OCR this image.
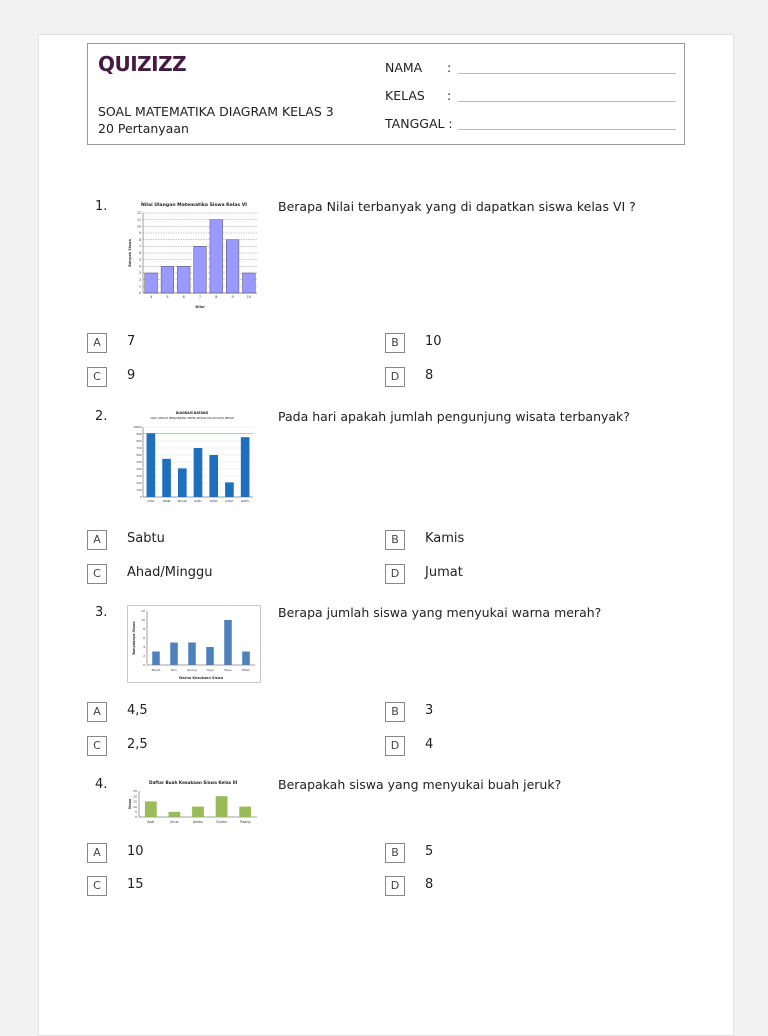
QUIZIZZ
SOAL MATEMATIKA DIAGRAM KELAS 3
20 Pertanyaan
NAMA :
KELAS :
TANGGAL :
1.	Nilai Ulangan Matematika Siswa Kelas VI
0
1
2
3
4
5
6
7
8
9
10
11
12
4	5	6	7	8	9	10
Nilai
Banyak Siswa
Berapa Nilai terbanyak yang di dapatkan siswa kelas VI ?
A	7	B	10
C	9	D	8
2.	DIAGRAM BATANG
DATA JUMLAH PENGUNJUNG OBYEK WISATA DALAM SATU PEKAN
10000
900
800
700
600
500
400
300
200
100
0
AHAD	SENIN	SELASA	RABU	KAMIS	JUMAT	SABTU
Pada hari apakah jumlah pengunjung wisata terbanyak?
A	Sabtu	B	Kamis
C	Ahad/Minggu	D	Jumat
3.
0
2
4
6
8
10
12
Merah	Biru	Kuning	Ungu	Hijau	Hitam
Warna Kesukaan Siswa
Banyaknya Siswa
Berapa jumlah siswa yang menyukai warna merah?
A	4,5	B	3
C	2,5	D	4
4.	Daftar Buah Kesukaan Siswa Kelas III
0
5
10
15
20
25
Apel	Jeruk	Jambu	Durian	Pisang
Siswa
Berapakah siswa yang menyukai buah jeruk?
A	10	B	5
C	15	D	8
